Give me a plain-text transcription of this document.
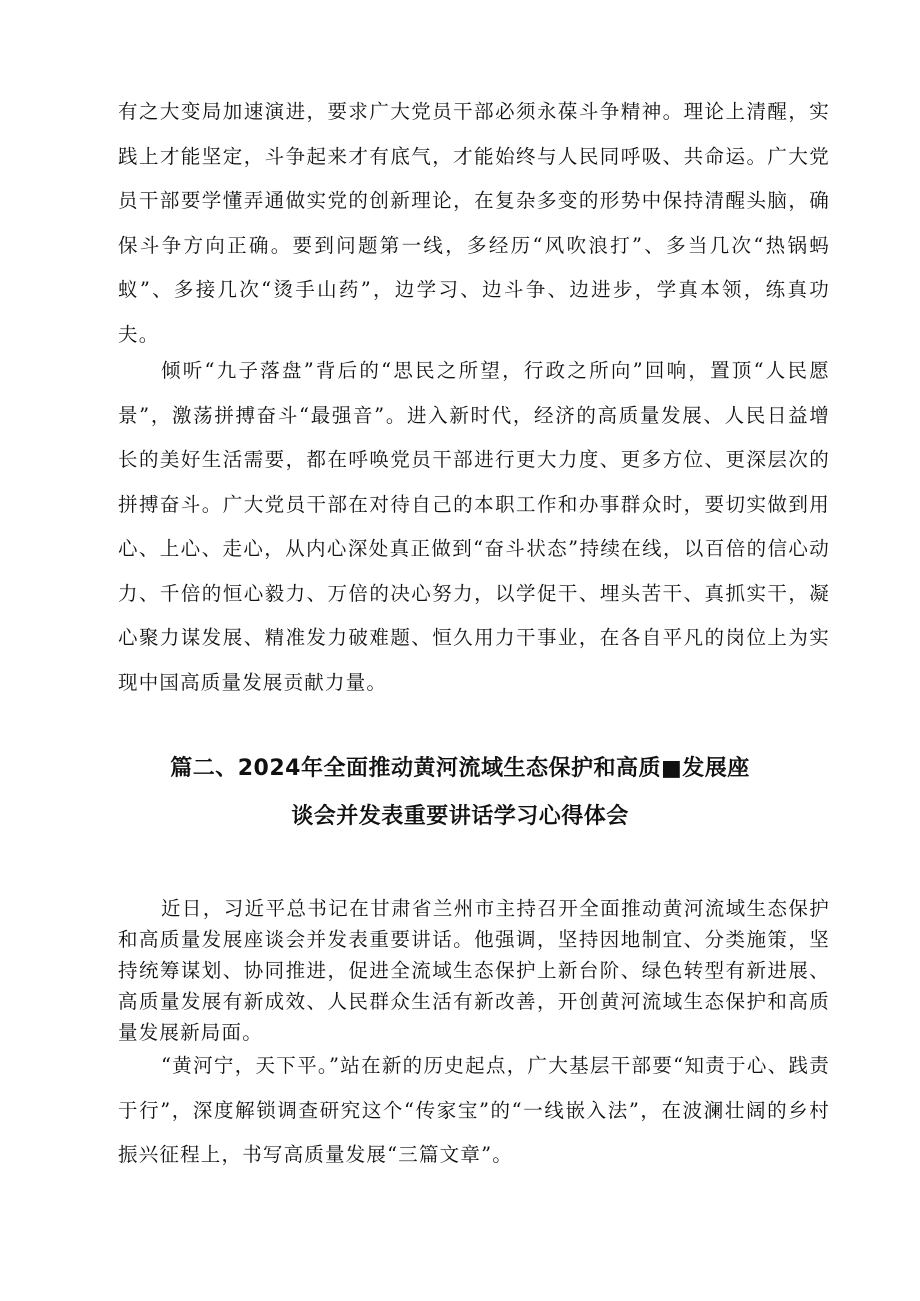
有之大变局加速演进，要求广大党员干部必须永葆斗争精神。理论上清醒，实践上才能坚定，斗争起来才有底气，才能始终与人民同呼吸、共命运。广大党员干部要学懂弄通做实党的创新理论，在复杂多变的形势中保持清醒头脑，确保斗争方向正确。要到问题第一线，多经历“风吹浪打”、多当几次“热锅蚂蚁”、多接几次“烫手山药”，边学习、边斗争、边进步，学真本领，练真功夫。

倾听“九子落盘”背后的“思民之所望，行政之所向”回响，置顶“人民愿景”，激荡拼搏奋斗“最强音”。进入新时代，经济的高质量发展、人民日益增长的美好生活需要，都在呼唤党员干部进行更大力度、更多方位、更深层次的拼搏奋斗。广大党员干部在对待自己的本职工作和办事群众时，要切实做到用心、上心、走心，从内心深处真正做到“奋斗状态”持续在线，以百倍的信心动力、千倍的恒心毅力、万倍的决心努力，以学促干、埋头苦干、真抓实干，凝心聚力谋发展、精准发力破难题、恒久用力干事业，在各自平凡的岗位上为实现中国高质量发展贡献力量。

篇二、2024年全面推动黄河流域生态保护和高质■发展座
谈会并发表重要讲话学习心得体会

近日，习近平总书记在甘肃省兰州市主持召开全面推动黄河流域生态保护和高质量发展座谈会并发表重要讲话。他强调，坚持因地制宜、分类施策，坚持统筹谋划、协同推进，促进全流域生态保护上新台阶、绿色转型有新进展、高质量发展有新成效、人民群众生活有新改善，开创黄河流域生态保护和高质量发展新局面。

“黄河宁，天下平。”站在新的历史起点，广大基层干部要“知责于心、践责于行”，深度解锁调查研究这个“传家宝”的“一线嵌入法”，在波澜壮阔的乡村振兴征程上，书写高质量发展“三篇文章”。
